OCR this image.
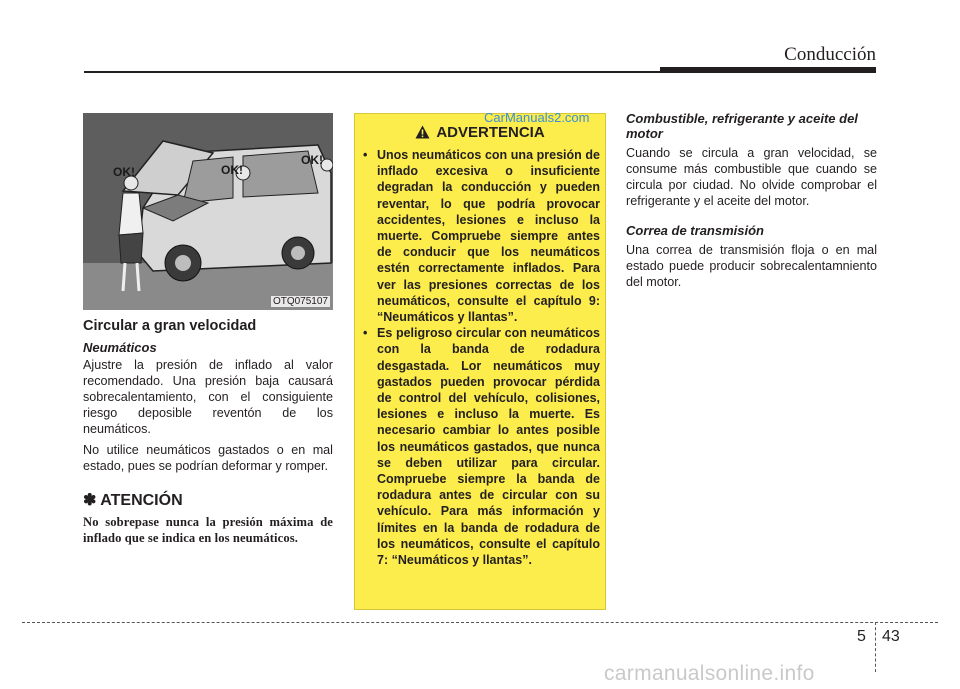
Conducción
OK!	OK!
OK!
OTQ075107
Circular a gran velocidad
Neumáticos

Ajustre la presión de inflado al valor recomendado. Una presión baja causará sobrecalentamiento, con el consiguiente riesgo deposible reventón de los neumáticos.

No utilice neumáticos gastados o en mal estado, pues se podrían deformar y romper.

✽ ATENCIÓN
No sobrepase nunca la presión máxima de inflado que se indica en los neumáticos.
ADVERTENCIA
• Unos neumáticos con una presión de inflado excesiva o insuficiente degradan la conducción y pueden reventar, lo que podría provocar accidentes, lesiones e incluso la muerte. Compruebe siempre antes de conducir que los neumáticos estén correctamente inflados. Para ver las presiones correctas de los neumáticos, consulte el capítulo 9: “Neumáticos y llantas”.
• Es peligroso circular con neumáticos con la banda de rodadura desgastada. Lor neumáticos muy gastados pueden provocar pérdida de control del vehículo, colisiones, lesiones e incluso la muerte. Es necesario cambiar lo antes posible los neumáticos gastados, que nunca se deben utilizar para circular. Compruebe siempre la banda de rodadura antes de circular con su vehículo. Para más información y límites en la banda de rodadura de los neumáticos, consulte el capítulo 7: “Neumáticos y llantas”.
CarManuals2.com	Combustible, refrigerante y aceite del motor

Cuando se circula a gran velocidad, se consume más combustible que cuando se circula por ciudad. No olvide comprobar el refrigerante y el aceite del motor.

Correa de transmisión

Una correa de transmisión floja o en mal estado puede producir sobrecalentamniento del motor.

5 43
carmanualsonline.info
